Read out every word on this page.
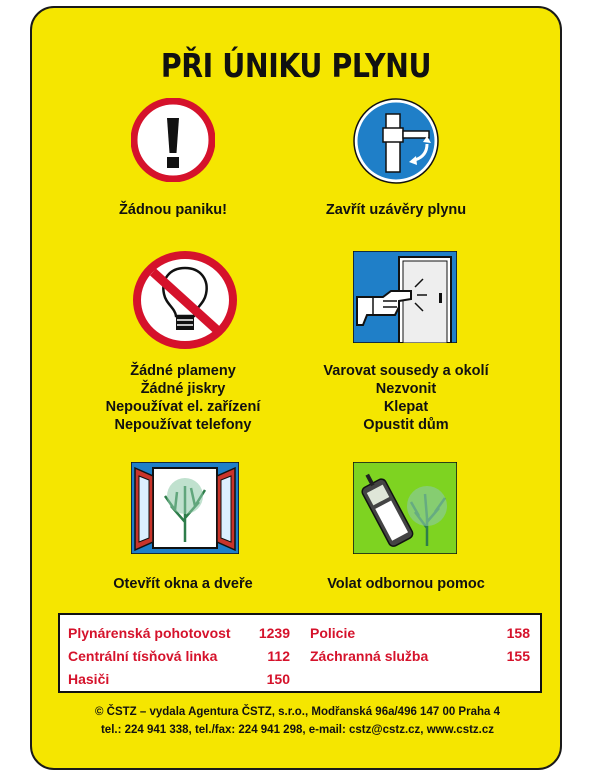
PŘI ÚNIKU PLYNU
Žádnou paniku!	Zavřít uzávěry plynu
Žádné plameny
Žádné jiskry
Nepoužívat el. zařízení
Nepoužívat telefony
Varovat sousedy a okolí
Nezvonit
Klepat
Opustit dům
Otevřít okna a dveře	Volat odbornou pomoc
Plynárenská pohotovost	1239
Centrální tísňová linka	112
Hasiči	150
Policie	158
Záchranná služba	155
© ČSTZ – vydala Agentura ČSTZ, s.r.o., Modřanská 96a/496 147 00 Praha 4
tel.: 224 941 338, tel./fax: 224 941 298, e-mail: cstz@cstz.cz, www.cstz.cz
